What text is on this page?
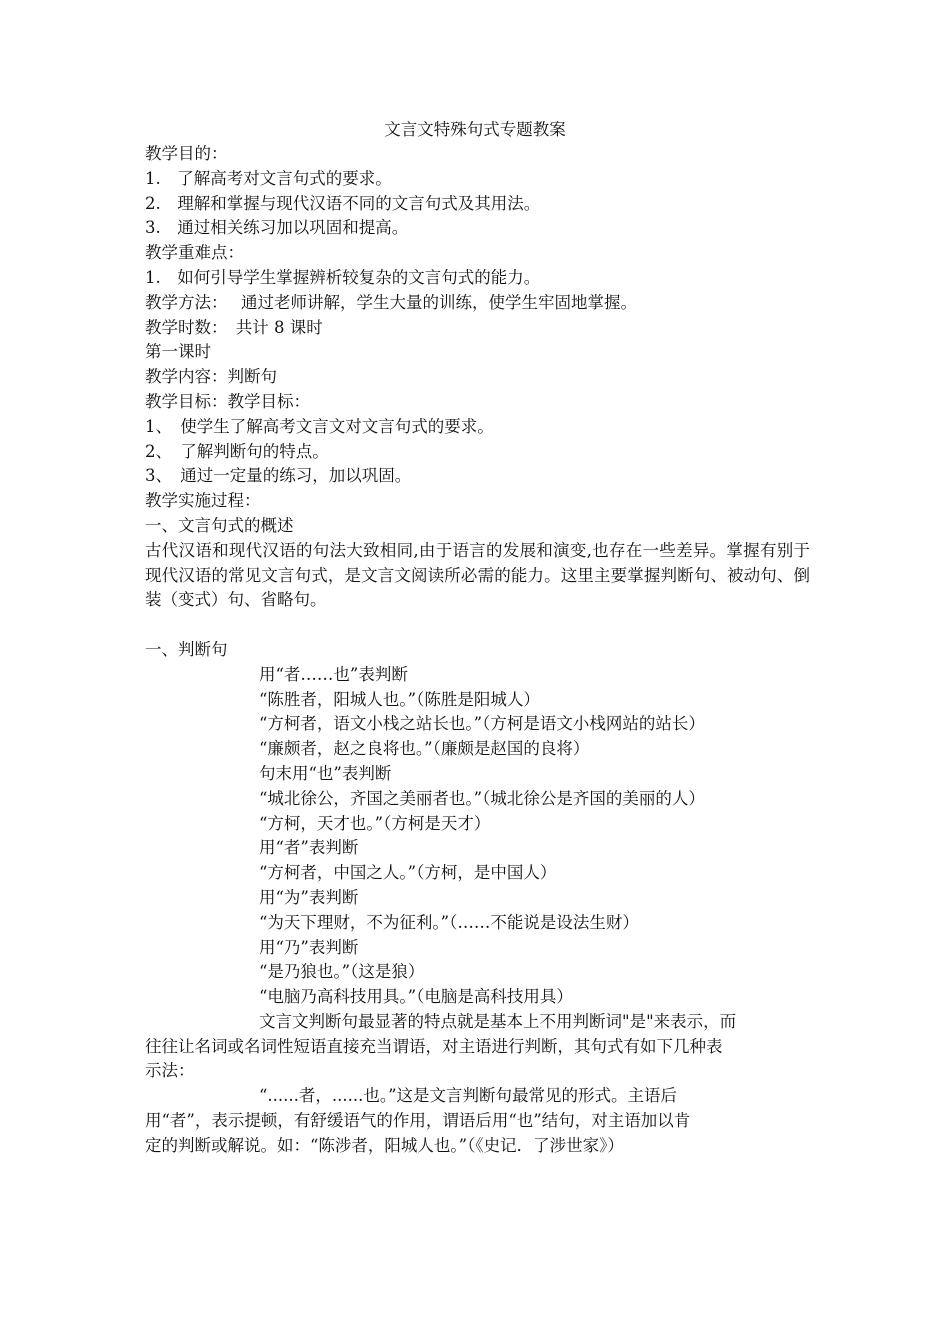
文言文特殊句式专题教案
教学目的：
1.　了解高考对文言句式的要求。
2.　理解和掌握与现代汉语不同的文言句式及其用法。
3.　通过相关练习加以巩固和提高。
教学重难点：
1.　如何引导学生掌握辨析较复杂的文言句式的能力。
教学方法：　 通过老师讲解，学生大量的训练，使学生牢固地掌握。
教学时数：　共计 8 课时
第一课时
教学内容：判断句
教学目标：教学目标：
1、　使学生了解高考文言文对文言句式的要求。
2、　了解判断句的特点。
3、　通过一定量的练习，加以巩固。
教学实施过程：
一、文言句式的概述
古代汉语和现代汉语的句法大致相同,由于语言的发展和演变,也存在一些差异。掌握有别于现代汉语的常见文言句式，是文言文阅读所必需的能力。这里主要掌握判断句、被动句、倒装（变式）句、省略句。
一、判断句
用“者……也”表判断
“陈胜者，阳城人也。”（陈胜是阳城人）
“方柯者，语文小栈之站长也。”（方柯是语文小栈网站的站长）
“廉颇者，赵之良将也。”（廉颇是赵国的良将）
句末用“也”表判断
“城北徐公，齐国之美丽者也。”（城北徐公是齐国的美丽的人）
“方柯，天才也。”（方柯是天才）
用“者”表判断
“方柯者，中国之人。”（方柯，是中国人）
用“为”表判断
“为天下理财，不为征利。”（……不能说是设法生财）
用“乃”表判断
“是乃狼也。”（这是狼）
“电脑乃高科技用具。”（电脑是高科技用具）
文言文判断句最显著的特点就是基本上不用判断词"是"来表示，而
往往让名词或名词性短语直接充当谓语，对主语进行判断，其句式有如下几种表
示法：
“......者，......也。”这是文言判断句最常见的形式。主语后
用“者”，表示提顿，有舒缓语气的作用，谓语后用“也”结句，对主语加以肯
定的判断或解说。如：“陈涉者，阳城人也。”（《史记．了涉世家》）
